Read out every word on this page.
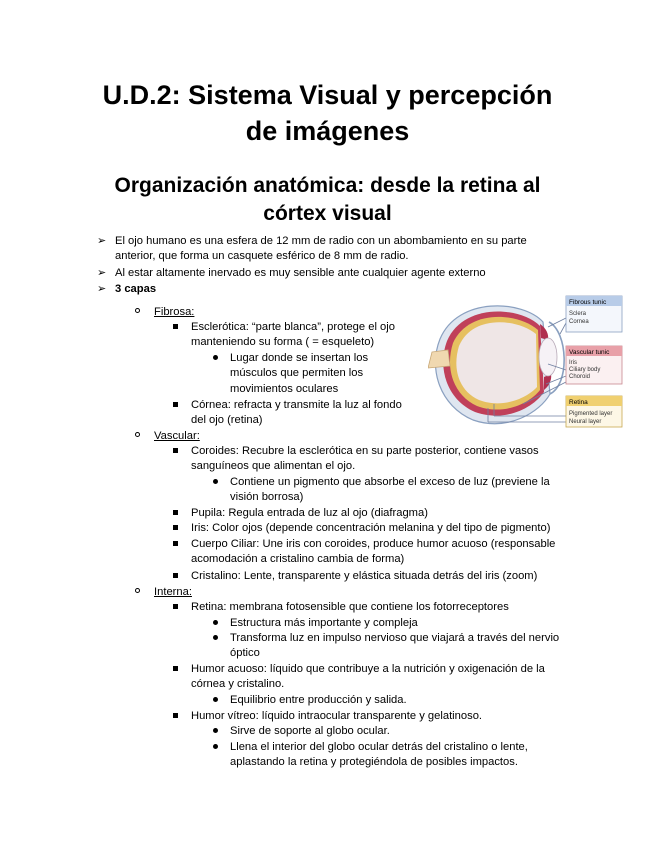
U.D.2: Sistema Visual y percepción
de imágenes
Organización anatómica: desde la retina al
córtex visual
➢ El ojo humano es una esfera de 12 mm de radio con un abombamiento en su parte
anterior, que forma un casquete esférico de 8 mm de radio.
➢ Al estar altamente inervado es muy sensible ante cualquier agente externo
➢ 3 capas
Fibrosa:
Esclerótica: “parte blanca”, protege el ojo
manteniendo su forma ( = esqueleto)
Lugar donde se insertan los
músculos que permiten los
movimientos oculares
Córnea: refracta y transmite la luz al fondo
del ojo (retina)
Vascular:
Coroides: Recubre la esclerótica en su parte posterior, contiene vasos
sanguíneos que alimentan el ojo.
Contiene un pigmento que absorbe el exceso de luz (previene la
visión borrosa)
Pupila: Regula entrada de luz al ojo (diafragma)
Iris: Color ojos (depende concentración melanina y del tipo de pigmento)
Cuerpo Ciliar: Une iris con coroides, produce humor acuoso (responsable
acomodación a cristalino cambia de forma)
Cristalino: Lente, transparente y elástica situada detrás del iris (zoom)
Interna:
Retina: membrana fotosensible que contiene los fotorreceptores
Estructura más importante y compleja
Transforma luz en impulso nervioso que viajará a través del nervio
óptico
Humor acuoso: líquido que contribuye a la nutrición y oxigenación de la
córnea y cristalino.
Equilibrio entre producción y salida.
Humor vítreo: líquido intraocular transparente y gelatinoso.
Sirve de soporte al globo ocular.
Llena el interior del globo ocular detrás del cristalino o lente,
aplastando la retina y protegiéndola de posibles impactos.
Fibrous tunic
Sclera
Cornea
Vascular tunic
Iris
Ciliary body
Choroid
Retina
Pigmented layer
Neural layer
